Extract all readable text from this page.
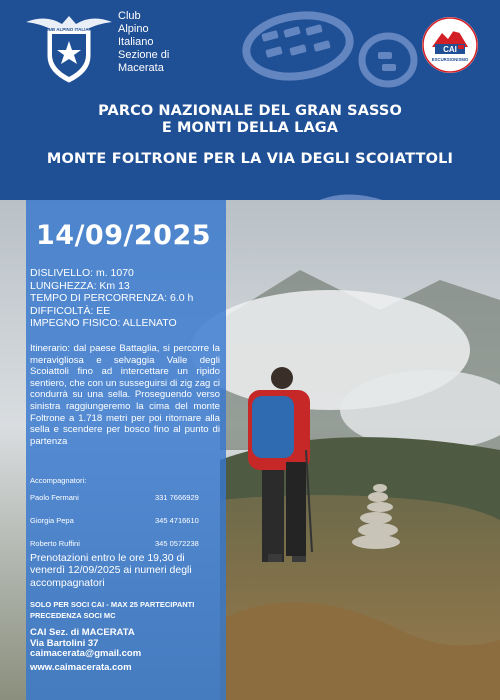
CLUB ALPINO ITALIANO
Club
Alpino
Italiano
Sezione di
Macerata
CAI
ESCURSIONISMO
PARCO NAZIONALE DEL GRAN SASSO
E MONTI DELLA LAGA
MONTE FOLTRONE PER LA VIA DEGLI SCOIATTOLI
14/09/2025
DISLIVELLO: m. 1070
LUNGHEZZA: Km 13
TEMPO DI PERCORRENZA: 6.0 h
DIFFICOLTÀ: EE
IMPEGNO FISICO: ALLENATO
Itinerario: dal paese Battaglia, si percorre la meravigliosa e selvaggia Valle degli Scoiattoli fino ad intercettare un ripido sentiero, che con un susseguirsi di zig zag ci condurrà su una sella. Proseguendo verso sinistra raggiungeremo la cima del monte Foltrone a 1.718 metri per poi ritornare alla sella e scendere per bosco fino al punto di partenza
Accompagnatori:
Paolo Fermani	331 7666929
Giorgia Pepa	345 4716610
Roberto Ruffini	345 0572238
Prenotazioni entro le ore 19,30 di venerdì 12/09/2025 ai numeri degli accompagnatori
SOLO PER SOCI CAI - MAX 25 PARTECIPANTI
PRECEDENZA SOCI MC
CAI Sez. di MACERATA
Via Bartolini 37
caimacerata@gmail.com
www.caimacerata.com
